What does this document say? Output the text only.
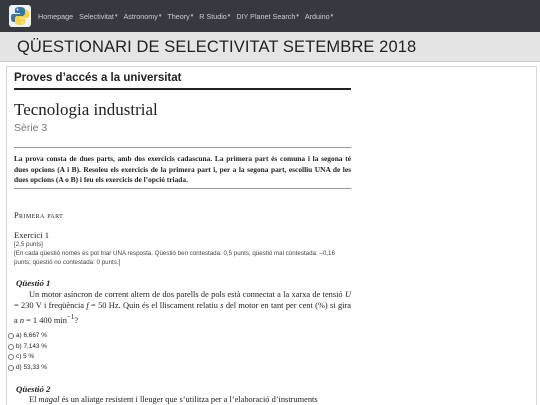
Homepage Selectivitat ▾ Astronomy ▾ Theory ▾ R Studio ▾ DIY Planet Search ▾ Arduino ▾
QÜESTIONARI DE SELECTIVITAT SETEMBRE 2018
Proves d’accés a la universitat
Tecnologia industrial
Sèrie 3
La prova consta de dues parts, amb dos exercicis cadascuna. La primera part és comuna i la segona té dues opcions (A i B). Resoleu els exercicis de la primera part i, per a la segona part, escolliu UNA de les dues opcions (A o B) i feu els exercicis de l’opció triada.
Primera part
Exercici 1
[2,5 punts]
[En cada qüestió només és pot triar UNA resposta. Qüestió ben contestada: 0,5 punts; qüestió mal contestada: –0,16 punts; qüestió no contestada: 0 punts.]
Qüestió 1
Un motor asíncron de corrent altern de dos parells de pols està connectat a la xarxa de tensió U = 230 V i freqüència f = 50 Hz. Quin és el lliscament relatiu s del motor en tant per cent (%) si gira a n = 1 400 $\min^{-1}$?
a) 6,667 %
b) 7,143 %
c) 5 %
d) 53,33 %
Qüestió 2
El magal és un aliatge resistent i lleuger que s’utilitza per a l’elaboració d’instruments
